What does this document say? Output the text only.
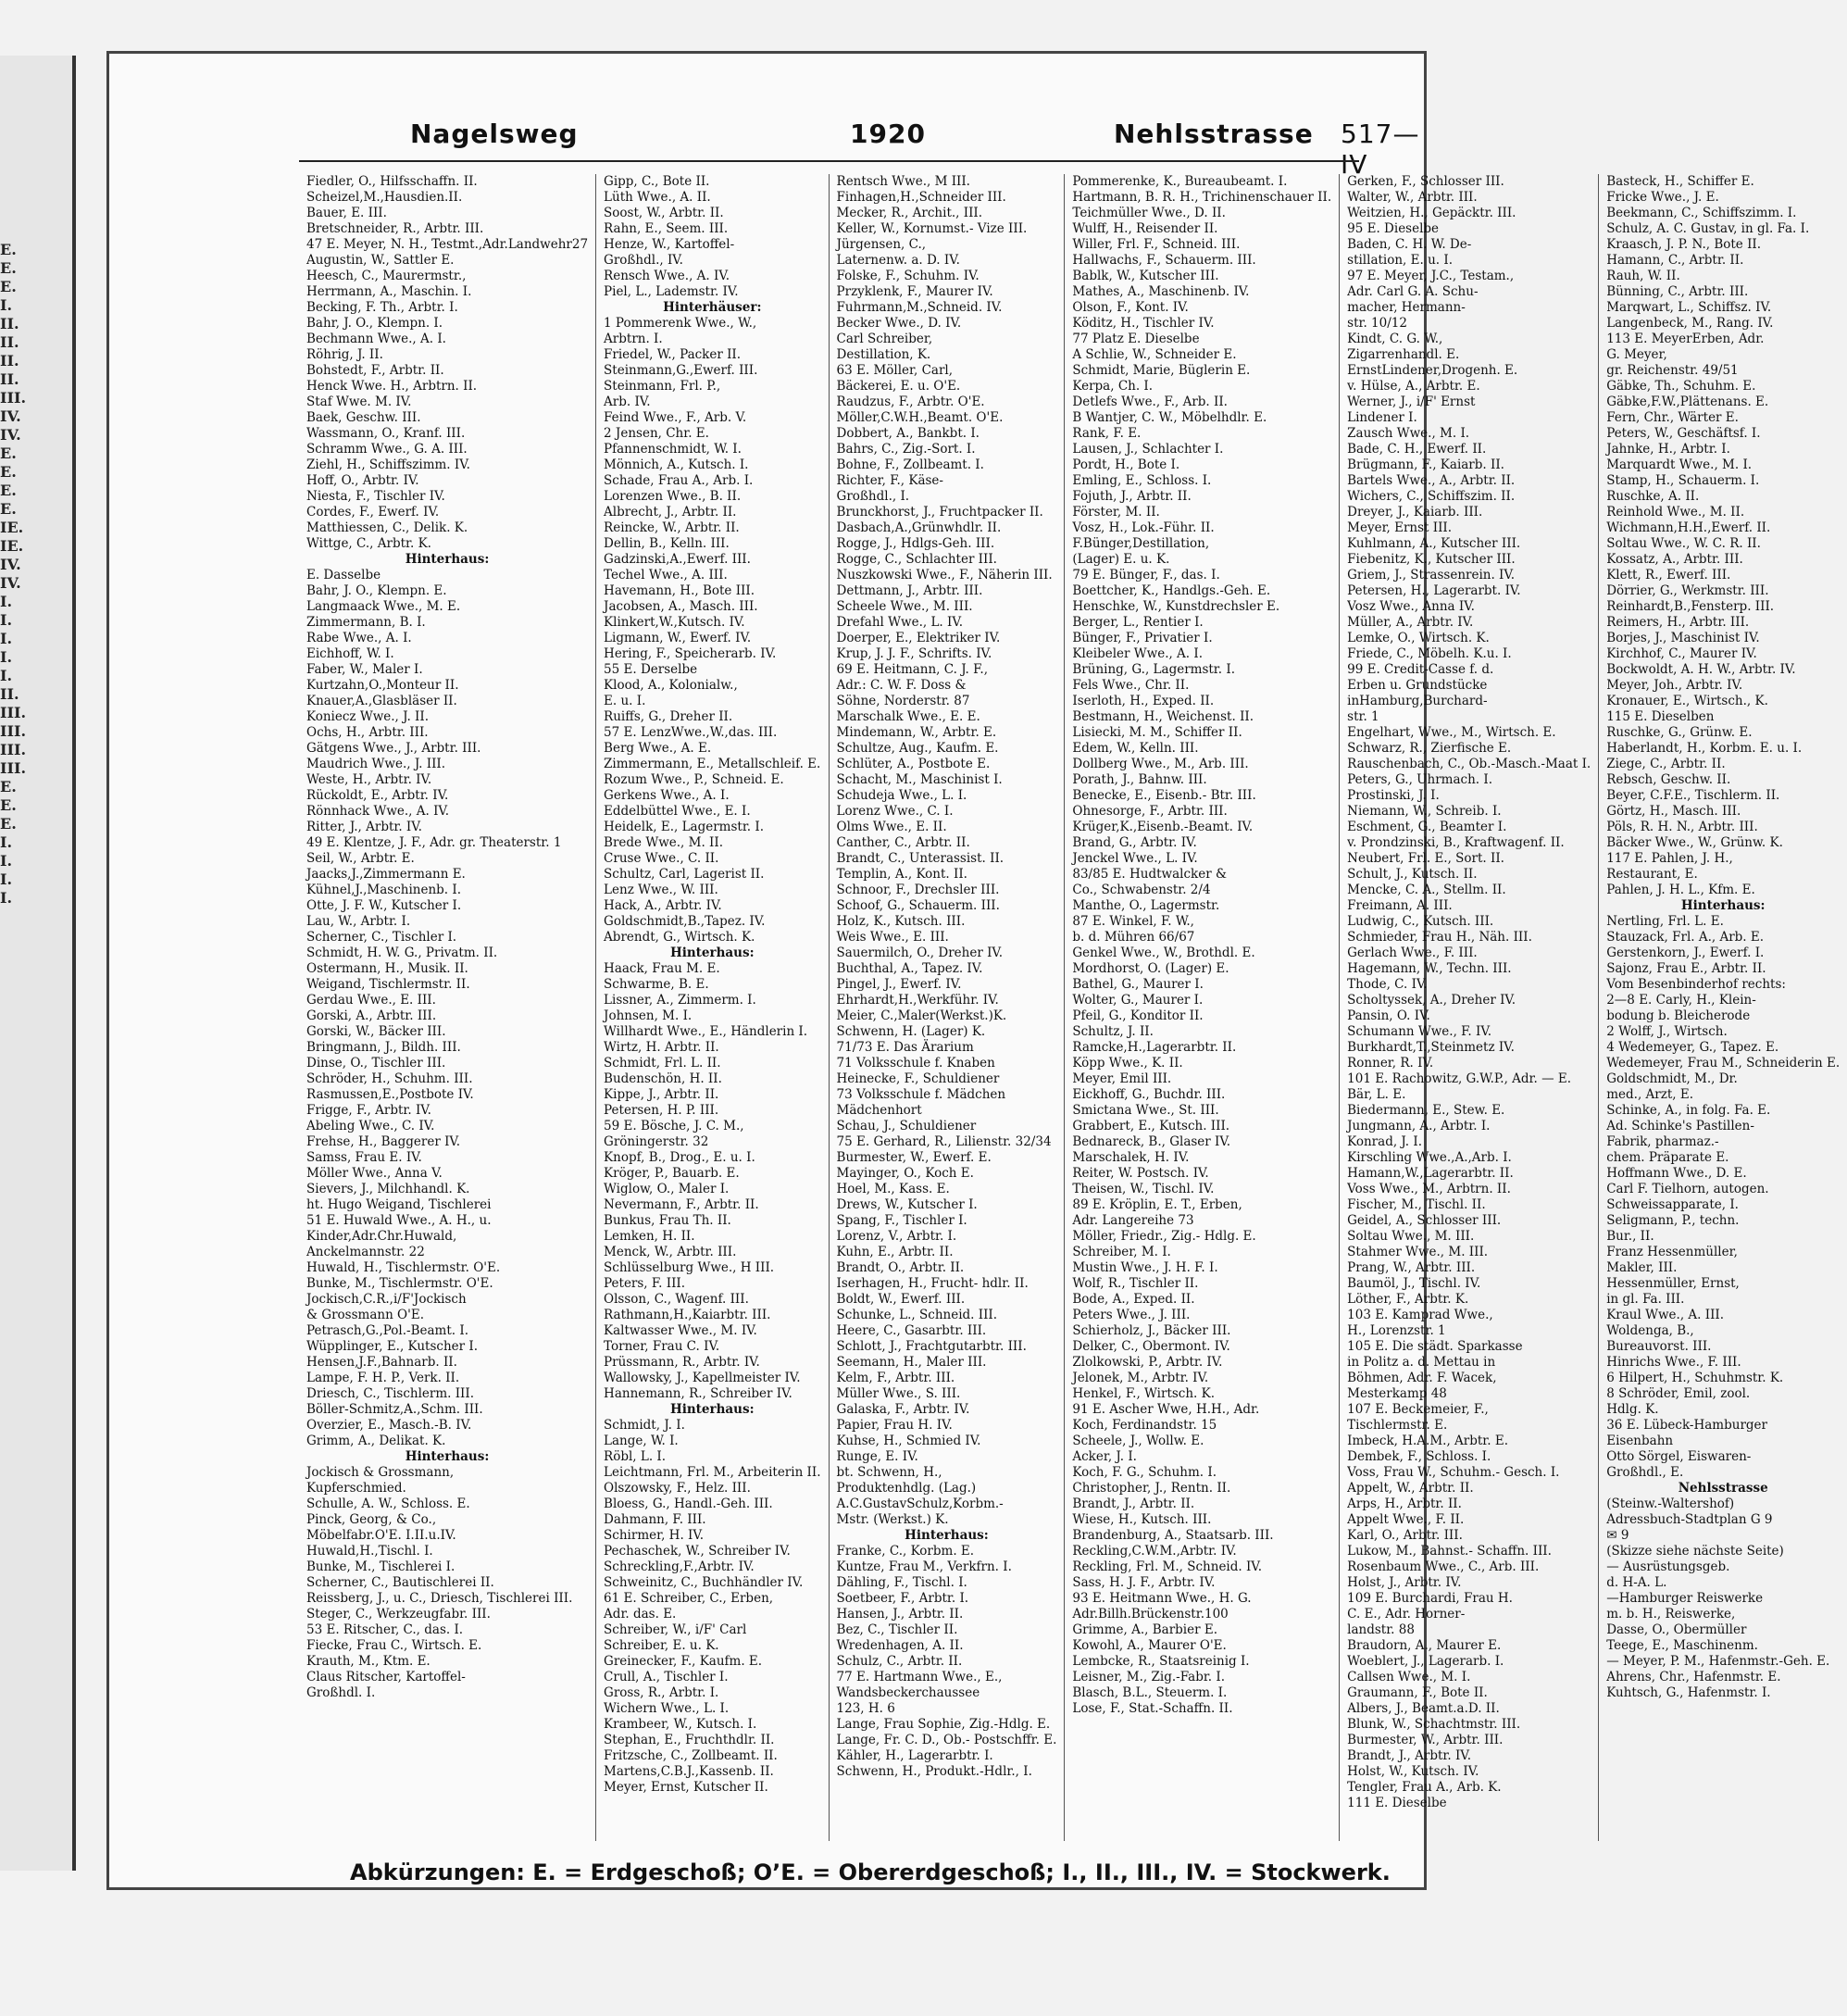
E.
E.
E.
I.
II.
II.
II.
II.
III.
IV.
IV.
E.
E.
E.
E.
IE.
IE.
IV.
IV.
I.
I.
I.
I.
I.
II.
III.
III.
III.
III.
E.
E.
E.
I.
I.
I.
I.
Nagelsweg	1920	Nehlsstrasse 517—IV
Fiedler, O., Hilfsschaffn. II.
Scheizel,M.,Hausdien.II.
Bauer, E. III.
Bretschneider, R., Arbtr. III.
47 E. Meyer, N. H., Testmt.,Adr.Landwehr27
Augustin, W., Sattler E.
Heesch, C., Maurermstr.,
Herrmann, A., Maschin. I.
Becking, F. Th., Arbtr. I.
Bahr, J. O., Klempn. I.
Bechmann Wwe., A. I.
Röhrig, J. II.
Bohstedt, F., Arbtr. II.
Henck Wwe. H., Arbtrn. II.
Staf Wwe. M. IV.
Baek, Geschw. III.
Wassmann, O., Kranf. III.
Schramm Wwe., G. A. III.
Ziehl, H., Schiffszimm. IV.
Hoff, O., Arbtr. IV.
Niesta, F., Tischler IV.
Cordes, F., Ewerf. IV.
Matthiessen, C., Delik. K.
Wittge, C., Arbtr. K.
Hinterhaus:
E. Dasselbe
Bahr, J. O., Klempn. E.
Langmaack Wwe., M. E.
Zimmermann, B. I.
Rabe Wwe., A. I.
Eichhoff, W. I.
Faber, W., Maler I.
Kurtzahn,O.,Monteur II.
Knauer,A.,Glasbläser II.
Koniecz Wwe., J. II.
Ochs, H., Arbtr. III.
Gätgens Wwe., J., Arbtr. III.
Maudrich Wwe., J. III.
Weste, H., Arbtr. IV.
Rückoldt, E., Arbtr. IV.
Rönnhack Wwe., A. IV.
Ritter, J., Arbtr. IV.
49 E. Klentze, J. F., Adr. gr. Theaterstr. 1
Seil, W., Arbtr. E.
Jaacks,J.,Zimmermann E.
Kühnel,J.,Maschinenb. I.
Otte, J. F. W., Kutscher I.
Lau, W., Arbtr. I.
Scherner, C., Tischler I.
Schmidt, H. W. G., Privatm. II.
Ostermann, H., Musik. II.
Weigand, Tischlermstr. II.
Gerdau Wwe., E. III.
Gorski, A., Arbtr. III.
Gorski, W., Bäcker III.
Bringmann, J., Bildh. III.
Dinse, O., Tischler III.
Schröder, H., Schuhm. III.
Rasmussen,E.,Postbote IV.
Frigge, F., Arbtr. IV.
Abeling Wwe., C. IV.
Frehse, H., Baggerer IV.
Samss, Frau E. IV.
Möller Wwe., Anna V.
Sievers, J., Milchhandl. K.
ht. Hugo Weigand, Tischlerei
51 E. Huwald Wwe., A. H., u.
Kinder,Adr.Chr.Huwald,
Anckelmannstr. 22
Huwald, H., Tischlermstr. O'E.
Bunke, M., Tischlermstr. O'E.
Jockisch,C.R.,i/F'Jockisch
& Grossmann O'E.
Petrasch,G.,Pol.-Beamt. I.
Wüpplinger, E., Kutscher I.
Hensen,J.F.,Bahnarb. II.
Lampe, F. H. P., Verk. II.
Driesch, C., Tischlerm. III.
Böller-Schmitz,A.,Schm. III.
Overzier, E., Masch.-B. IV.
Grimm, A., Delikat. K.
Hinterhaus:
Jockisch & Grossmann,
Kupferschmied.
Schulle, A. W., Schloss. E.
Pinck, Georg, & Co.,
Möbelfabr.O'E. I.II.u.IV.
Huwald,H.,Tischl. I.
Bunke, M., Tischlerei I.
Scherner, C., Bautischlerei II.
Reissberg, J., u. C., Driesch, Tischlerei III.
Steger, C., Werkzeugfabr. III.
53 E. Ritscher, C., das. I.
Fiecke, Frau C., Wirtsch. E.
Krauth, M., Ktm. E.
Claus Ritscher, Kartoffel-
Großhdl. I.
Gipp, C., Bote II.
Lüth Wwe., A. II.
Soost, W., Arbtr. II.
Rahn, E., Seem. III.
Henze, W., Kartoffel-
Großhdl., IV.
Rensch Wwe., A. IV.
Piel, L., Lademstr. IV.
Hinterhäuser:
1 Pommerenk Wwe., W.,
Arbtrn. I.
Friedel, W., Packer II.
Steinmann,G.,Ewerf. III.
Steinmann, Frl. P.,
Arb. IV.
Feind Wwe., F., Arb. V.
2 Jensen, Chr. E.
Pfannenschmidt, W. I.
Mönnich, A., Kutsch. I.
Schade, Frau A., Arb. I.
Lorenzen Wwe., B. II.
Albrecht, J., Arbtr. II.
Reincke, W., Arbtr. II.
Dellin, B., Kelln. III.
Gadzinski,A.,Ewerf. III.
Techel Wwe., A. III.
Havemann, H., Bote III.
Jacobsen, A., Masch. III.
Klinkert,W.,Kutsch. IV.
Ligmann, W., Ewerf. IV.
Hering, F., Speicherarb. IV.
55 E. Derselbe
Klood, A., Kolonialw.,
E. u. I.
Ruiffs, G., Dreher II.
57 E. LenzWwe.,W.,das. III.
Berg Wwe., A. E.
Zimmermann, E., Metallschleif. E.
Rozum Wwe., P., Schneid. E.
Gerkens Wwe., A. I.
Eddelbüttel Wwe., E. I.
Heidelk, E., Lagermstr. I.
Brede Wwe., M. II.
Cruse Wwe., C. II.
Schultz, Carl, Lagerist II.
Lenz Wwe., W. III.
Hack, A., Arbtr. IV.
Goldschmidt,B.,Tapez. IV.
Abrendt, G., Wirtsch. K.
Hinterhaus:
Haack, Frau M. E.
Schwarme, B. E.
Lissner, A., Zimmerm. I.
Johnsen, M. I.
Willhardt Wwe., E., Händlerin I.
Wirtz, H. Arbtr. II.
Schmidt, Frl. L. II.
Budenschön, H. II.
Kippe, J., Arbtr. II.
Petersen, H. P. III.
59 E. Bösche, J. C. M.,
Gröningerstr. 32
Knopf, B., Drog., E. u. I.
Kröger, P., Bauarb. E.
Wiglow, O., Maler I.
Nevermann, F., Arbtr. II.
Bunkus, Frau Th. II.
Lemken, H. II.
Menck, W., Arbtr. III.
Schlüsselburg Wwe., H III.
Peters, F. III.
Olsson, C., Wagenf. III.
Rathmann,H.,Kaiarbtr. III.
Kaltwasser Wwe., M. IV.
Torner, Frau C. IV.
Prüssmann, R., Arbtr. IV.
Wallowsky, J., Kapellmeister IV.
Hannemann, R., Schreiber IV.
Hinterhaus:
Schmidt, J. I.
Lange, W. I.
Röbl, L. I.
Leichtmann, Frl. M., Arbeiterin II.
Olszowsky, F., Helz. III.
Bloess, G., Handl.-Geh. III.
Dahmann, F. III.
Schirmer, H. IV.
Pechaschek, W., Schreiber IV.
Schreckling,F.,Arbtr. IV.
Schweinitz, C., Buchhändler IV.
61 E. Schreiber, C., Erben,
Adr. das. E.
Schreiber, W., i/F' Carl
Schreiber, E. u. K.
Greinecker, F., Kaufm. E.
Crull, A., Tischler I.
Gross, R., Arbtr. I.
Wichern Wwe., L. I.
Krambeer, W., Kutsch. I.
Stephan, E., Fruchthdlr. II.
Fritzsche, C., Zollbeamt. II.
Martens,C.B.J.,Kassenb. II.
Meyer, Ernst, Kutscher II.
Rentsch Wwe., M III.
Finhagen,H.,Schneider III.
Mecker, R., Archit., III.
Keller, W., Kornumst.- Vize III.
Jürgensen, C.,
Laternenw. a. D. IV.
Folske, F., Schuhm. IV.
Przyklenk, F., Maurer IV.
Fuhrmann,M.,Schneid. IV.
Becker Wwe., D. IV.
Carl Schreiber,
Destillation, K.
63 E. Möller, Carl,
Bäckerei, E. u. O'E.
Raudzus, F., Arbtr. O'E.
Möller,C.W.H.,Beamt. O'E.
Dobbert, A., Bankbt. I.
Bahrs, C., Zig.-Sort. I.
Bohne, F., Zollbeamt. I.
Richter, F., Käse-
Großhdl., I.
Brunckhorst, J., Fruchtpacker II.
Dasbach,A.,Grünwhdlr. II.
Rogge, J., Hdlgs-Geh. III.
Rogge, C., Schlachter III.
Nuszkowski Wwe., F., Näherin III.
Dettmann, J., Arbtr. III.
Scheele Wwe., M. III.
Drefahl Wwe., L. IV.
Doerper, E., Elektriker IV.
Krup, J. J. F., Schrifts. IV.
69 E. Heitmann, C. J. F.,
Adr.: C. W. F. Doss &
Söhne, Norderstr. 87
Marschalk Wwe., E. E.
Mindemann, W., Arbtr. E.
Schultze, Aug., Kaufm. E.
Schlüter, A., Postbote E.
Schacht, M., Maschinist I.
Schudeja Wwe., L. I.
Lorenz Wwe., C. I.
Olms Wwe., E. II.
Canther, C., Arbtr. II.
Brandt, C., Unterassist. II.
Templin, A., Kont. II.
Schnoor, F., Drechsler III.
Schoof, G., Schauerm. III.
Holz, K., Kutsch. III.
Weis Wwe., E. III.
Sauermilch, O., Dreher IV.
Buchthal, A., Tapez. IV.
Pingel, J., Ewerf. IV.
Ehrhardt,H.,Werkführ. IV.
Meier, C.,Maler(Werkst.)K.
Schwenn, H. (Lager) K.
71/73 E. Das Ärarium
71 Volksschule f. Knaben
Heinecke, F., Schuldiener
73 Volksschule f. Mädchen
Mädchenhort
Schau, J., Schuldiener
75 E. Gerhard, R., Lilienstr. 32/34
Burmester, W., Ewerf. E.
Mayinger, O., Koch E.
Hoel, M., Kass. E.
Drews, W., Kutscher I.
Spang, F., Tischler I.
Lorenz, V., Arbtr. I.
Kuhn, E., Arbtr. II.
Brandt, O., Arbtr. II.
Iserhagen, H., Frucht- hdlr. II.
Boldt, W., Ewerf. III.
Schunke, L., Schneid. III.
Heere, C., Gasarbtr. III.
Schlott, J., Frachtgutarbtr. III.
Seemann, H., Maler III.
Kelm, F., Arbtr. III.
Müller Wwe., S. III.
Galaska, F., Arbtr. IV.
Papier, Frau H. IV.
Kuhse, H., Schmied IV.
Runge, E. IV.
bt. Schwenn, H.,
Produktenhdlg. (Lag.)
A.C.GustavSchulz,Korbm.-
Mstr. (Werkst.) K.
Hinterhaus:
Franke, C., Korbm. E.
Kuntze, Frau M., Verkfrn. I.
Dähling, F., Tischl. I.
Soetbeer, F., Arbtr. I.
Hansen, J., Arbtr. II.
Bez, C., Tischler II.
Wredenhagen, A. II.
Schulz, C., Arbtr. II.
77 E. Hartmann Wwe., E.,
Wandsbeckerchaussee
123, H. 6
Lange, Frau Sophie, Zig.-Hdlg. E.
Lange, Fr. C. D., Ob.- Postschffr. E.
Kähler, H., Lagerarbtr. I.
Schwenn, H., Produkt.-Hdlr., I.
Pommerenke, K., Bureaubeamt. I.
Hartmann, B. R. H., Trichinenschauer II.
Teichmüller Wwe., D. II.
Wulff, H., Reisender II.
Willer, Frl. F., Schneid. III.
Hallwachs, F., Schauerm. III.
Bablk, W., Kutscher III.
Mathes, A., Maschinenb. IV.
Olson, F., Kont. IV.
Köditz, H., Tischler IV.
77 Platz E. Dieselbe
A Schlie, W., Schneider E.
Schmidt, Marie, Büglerin E.
Kerpa, Ch. I.
Detlefs Wwe., F., Arb. II.
B Wantjer, C. W., Möbelhdlr. E.
Rank, F. E.
Lausen, J., Schlachter I.
Pordt, H., Bote I.
Emling, E., Schloss. I.
Fojuth, J., Arbtr. II.
Förster, M. II.
Vosz, H., Lok.-Führ. II.
F.Bünger,Destillation,
(Lager) E. u. K.
79 E. Bünger, F., das. I.
Boettcher, K., Handlgs.-Geh. E.
Henschke, W., Kunstdrechsler E.
Berger, L., Rentier I.
Bünger, F., Privatier I.
Kleibeler Wwe., A. I.
Brüning, G., Lagermstr. I.
Fels Wwe., Chr. II.
Iserloth, H., Exped. II.
Bestmann, H., Weichenst. II.
Lisiecki, M. M., Schiffer II.
Edem, W., Kelln. III.
Dollberg Wwe., M., Arb. III.
Porath, J., Bahnw. III.
Benecke, E., Eisenb.- Btr. III.
Ohnesorge, F., Arbtr. III.
Krüger,K.,Eisenb.-Beamt. IV.
Brand, G., Arbtr. IV.
Jenckel Wwe., L. IV.
83/85 E. Hudtwalcker &
Co., Schwabenstr. 2/4
Manthe, O., Lagermstr.
87 E. Winkel, F. W.,
b. d. Mühren 66/67
Genkel Wwe., W., Brothdl. E.
Mordhorst, O. (Lager) E.
Bathel, G., Maurer I.
Wolter, G., Maurer I.
Pfeil, G., Konditor II.
Schultz, J. II.
Ramcke,H.,Lagerarbtr. II.
Köpp Wwe., K. II.
Meyer, Emil III.
Eickhoff, G., Buchdr. III.
Smictana Wwe., St. III.
Grabbert, E., Kutsch. III.
Bednareck, B., Glaser IV.
Marschalek, H. IV.
Reiter, W. Postsch. IV.
Theisen, W., Tischl. IV.
89 E. Kröplin, E. T., Erben,
Adr. Langereihe 73
Möller, Friedr., Zig.- Hdlg. E.
Schreiber, M. I.
Mustin Wwe., J. H. F. I.
Wolf, R., Tischler II.
Bode, A., Exped. II.
Peters Wwe., J. III.
Schierholz, J., Bäcker III.
Delker, C., Obermont. IV.
Zlolkowski, P., Arbtr. IV.
Jelonek, M., Arbtr. IV.
Henkel, F., Wirtsch. K.
91 E. Ascher Wwe, H.H., Adr.
Koch, Ferdinandstr. 15
Scheele, J., Wollw. E.
Acker, J. I.
Koch, F. G., Schuhm. I.
Christopher, J., Rentn. II.
Brandt, J., Arbtr. II.
Wiese, H., Kutsch. III.
Brandenburg, A., Staatsarb. III.
Reckling,C.W.M.,Arbtr. IV.
Reckling, Frl. M., Schneid. IV.
Sass, H. J. F., Arbtr. IV.
93 E. Heitmann Wwe., H. G.
Adr.Billh.Brückenstr.100
Grimme, A., Barbier E.
Kowohl, A., Maurer O'E.
Lembcke, R., Staatsreinig I.
Leisner, M., Zig.-Fabr. I.
Blasch, B.L., Steuerm. I.
Lose, F., Stat.-Schaffn. II.
Gerken, F., Schlosser III.
Walter, W., Arbtr. III.
Weitzien, H., Gepäcktr. III.
95 E. Dieselbe
Baden, C. H. W. De-
stillation, E. u. I.
97 E. Meyer, J.C., Testam.,
Adr. Carl G. A. Schu-
macher, Hermann-
str. 10/12
Kindt, C. G. W.,
Zigarrenhandl. E.
ErnstLindener,Drogenh. E.
v. Hülse, A., Arbtr. E.
Werner, J., i/F' Ernst
Lindener I.
Zausch Wwe., M. I.
Bade, C. H., Ewerf. II.
Brügmann, F., Kaiarb. II.
Bartels Wwe., A., Arbtr. II.
Wichers, C., Schiffszim. II.
Dreyer, J., Kaiarb. III.
Meyer, Ernst III.
Kuhlmann, A., Kutscher III.
Fiebenitz, K., Kutscher III.
Griem, J., Strassenrein. IV.
Petersen, H., Lagerarbt. IV.
Vosz Wwe., Anna IV.
Müller, A., Arbtr. IV.
Lemke, O., Wirtsch. K.
Friede, C., Möbelh. K.u. I.
99 E. Credit-Casse f. d.
Erben u. Grundstücke
inHamburg,Burchard-
str. 1
Engelhart, Wwe., M., Wirtsch. E.
Schwarz, R., Zierfische E.
Rauschenbach, C., Ob.-Masch.-Maat I.
Peters, G., Uhrmach. I.
Prostinski, J. I.
Niemann, W., Schreib. I.
Eschment, G., Beamter I.
v. Prondzinski, B., Kraftwagenf. II.
Neubert, Frl. E., Sort. II.
Schult, J., Kutsch. II.
Mencke, C. A., Stellm. II.
Freimann, A. III.
Ludwig, C., Kutsch. III.
Schmieder, Frau H., Näh. III.
Gerlach Wwe., F. III.
Hagemann, W., Techn. III.
Thode, C. IV.
Scholtyssek, A., Dreher IV.
Pansin, O. IV.
Schumann Wwe., F. IV.
Burkhardt,T.,Steinmetz IV.
Ronner, R. IV.
101 E. Rachowitz, G.W.P., Adr. — E.
Bär, L. E.
Biedermann, E., Stew. E.
Jungmann, A., Arbtr. I.
Konrad, J. I.
Kirschling Wwe.,A.,Arb. I.
Hamann,W.,Lagerarbtr. II.
Voss Wwe., M., Arbtrn. II.
Fischer, M., Tischl. II.
Geidel, A., Schlosser III.
Soltau Wwe., M. III.
Stahmer Wwe., M. III.
Prang, W., Arbtr. III.
Baumöl, J., Tischl. IV.
Löther, F., Arbtr. K.
103 E. Kamprad Wwe.,
H., Lorenzstr. 1
105 E. Die städt. Sparkasse
in Politz a. d. Mettau in
Böhmen, Adr. F. Wacek,
Mesterkamp 48
107 E. Beckemeier, F.,
Tischlermstr. E.
Imbeck, H.A.M., Arbtr. E.
Dembek, F., Schloss. I.
Voss, Frau W., Schuhm.- Gesch. I.
Appelt, W., Arbtr. II.
Arps, H., Arbtr. II.
Appelt Wwe., F. II.
Karl, O., Arbtr. III.
Lukow, M., Bahnst.- Schaffn. III.
Rosenbaum Wwe., C., Arb. III.
Holst, J., Arbtr. IV.
109 E. Burchardi, Frau H.
C. E., Adr. Horner-
landstr. 88
Braudorn, A., Maurer E.
Woeblert, J., Lagerarb. I.
Callsen Wwe., M. I.
Graumann, F., Bote II.
Albers, J., Beamt.a.D. II.
Blunk, W., Schachtmstr. III.
Burmester, W., Arbtr. III.
Brandt, J., Arbtr. IV.
Holst, W., Kutsch. IV.
Tengler, Frau A., Arb. K.
111 E. Dieselbe
Basteck, H., Schiffer E.
Fricke Wwe., J. E.
Beekmann, C., Schiffszimm. I.
Schulz, A. C. Gustav, in gl. Fa. I.
Kraasch, J. P. N., Bote II.
Hamann, C., Arbtr. II.
Rauh, W. II.
Bünning, C., Arbtr. III.
Marqwart, L., Schiffsz. IV.
Langenbeck, M., Rang. IV.
113 E. MeyerErben, Adr.
G. Meyer,
gr. Reichenstr. 49/51
Gäbke, Th., Schuhm. E.
Gäbke,F.W.,Plättenans. E.
Fern, Chr., Wärter E.
Peters, W., Geschäftsf. I.
Jahnke, H., Arbtr. I.
Marquardt Wwe., M. I.
Stamp, H., Schauerm. I.
Ruschke, A. II.
Reinhold Wwe., M. II.
Wichmann,H.H.,Ewerf. II.
Soltau Wwe., W. C. R. II.
Kossatz, A., Arbtr. III.
Klett, R., Ewerf. III.
Dörrier, G., Werkmstr. III.
Reinhardt,B.,Fensterp. III.
Reimers, H., Arbtr. III.
Borjes, J., Maschinist IV.
Kirchhof, C., Maurer IV.
Bockwoldt, A. H. W., Arbtr. IV.
Meyer, Joh., Arbtr. IV.
Kronauer, E., Wirtsch., K.
115 E. Dieselben
Ruschke, G., Grünw. E.
Haberlandt, H., Korbm. E. u. I.
Ziege, C., Arbtr. II.
Rebsch, Geschw. II.
Beyer, C.F.E., Tischlerm. II.
Görtz, H., Masch. III.
Pöls, R. H. N., Arbtr. III.
Bäcker Wwe., W., Grünw. K.
117 E. Pahlen, J. H.,
Restaurant, E.
Pahlen, J. H. L., Kfm. E.
Hinterhaus:
Nertling, Frl. L. E.
Stauzack, Frl. A., Arb. E.
Gerstenkorn, J., Ewerf. I.
Sajonz, Frau E., Arbtr. II.
Vom Besenbinderhof rechts:
2—8 E. Carly, H., Klein-
bodung b. Bleicherode
2 Wolff, J., Wirtsch.
4 Wedemeyer, G., Tapez. E.
Wedemeyer, Frau M., Schneiderin E.
Goldschmidt, M., Dr.
med., Arzt, E.
Schinke, A., in folg. Fa. E.
Ad. Schinke's Pastillen-
Fabrik, pharmaz.-
chem. Präparate E.
Hoffmann Wwe., D. E.
Carl F. Tielhorn, autogen.
Schweissapparate, I.
Seligmann, P., techn.
Bur., II.
Franz Hessenmüller,
Makler, III.
Hessenmüller, Ernst,
in gl. Fa. III.
Kraul Wwe., A. III.
Woldenga, B.,
Bureauvorst. III.
Hinrichs Wwe., F. III.
6 Hilpert, H., Schuhmstr. K.
8 Schröder, Emil, zool.
Hdlg. K.
36 E. Lübeck-Hamburger
Eisenbahn
Otto Sörgel, Eiswaren-
Großhdl., E.
Nehlsstrasse
(Steinw.-Waltershof)
Adressbuch-Stadtplan G 9
✉ 9
(Skizze siehe nächste Seite)
— Ausrüstungsgeb.
d. H-A. L.
—Hamburger Reiswerke
m. b. H., Reiswerke,
Dasse, O., Obermüller
Teege, E., Maschinenm.
— Meyer, P. M., Hafenmstr.-Geh. E.
Ahrens, Chr., Hafenmstr. E.
Kuhtsch, G., Hafenmstr. I.
Abkürzungen: E. = Erdgeschoß; O’E. = Obererdgeschoß; I., II., III., IV. = Stockwerk.
